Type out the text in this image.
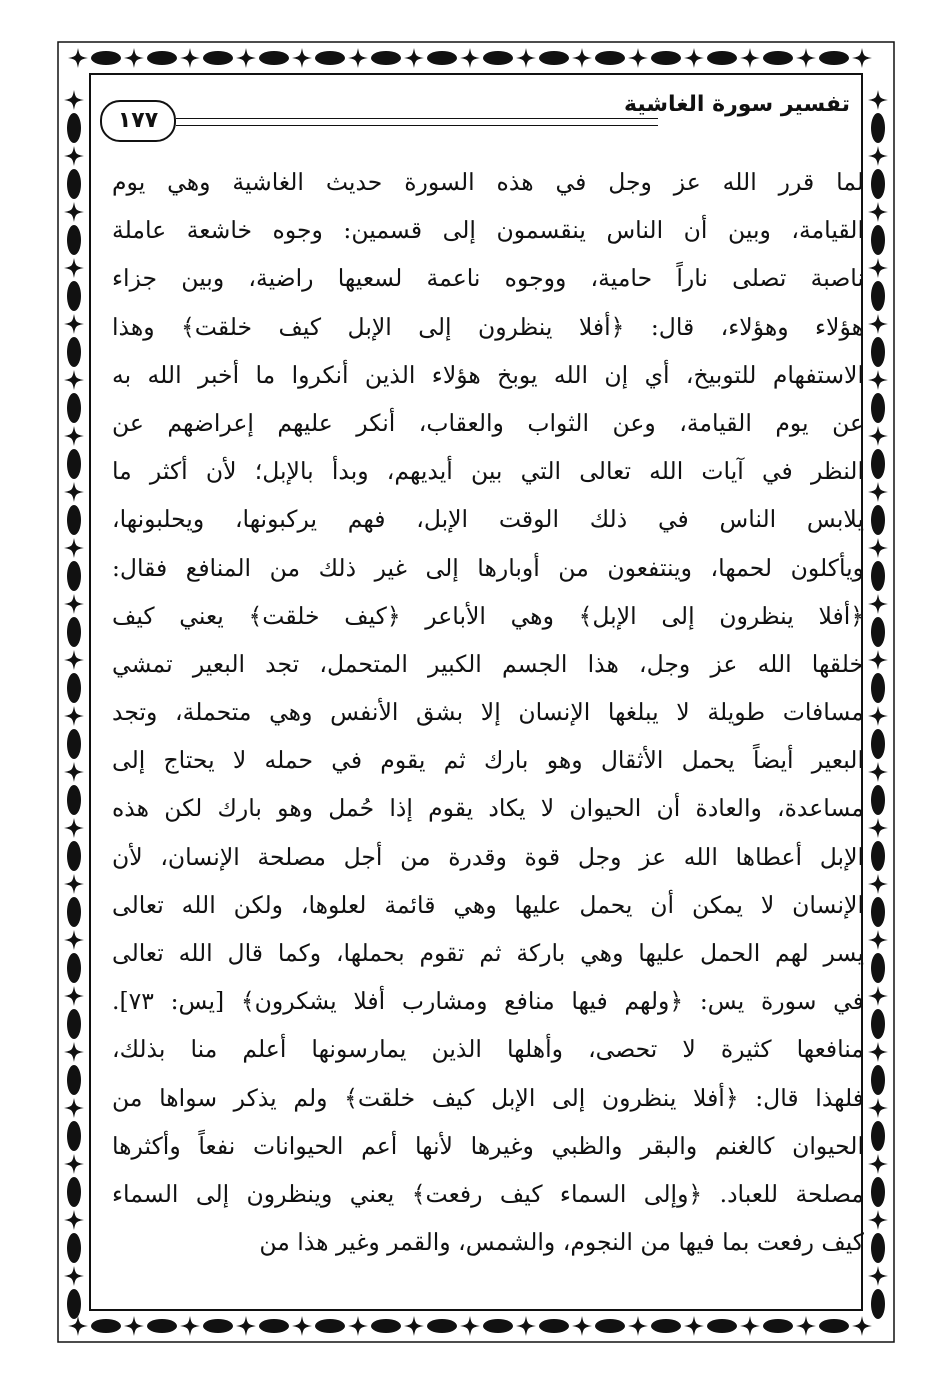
تفسير سورة الغاشية
١٧٧
لما قرر الله عز وجل في هذه السورة حديث الغاشية وهي يوم
القيامة، وبين أن الناس ينقسمون إلى قسمين: وجوه خاشعة عاملة
ناصبة تصلى ناراً حامية، ووجوه ناعمة لسعيها راضية، وبين جزاء
هؤلاء وهؤلاء، قال: ﴿أفلا ينظرون إلى الإبل كيف خلقت﴾ وهذا
الاستفهام للتوبيخ، أي إن الله يوبخ هؤلاء الذين أنكروا ما أخبر الله به
عن يوم القيامة، وعن الثواب والعقاب، أنكر عليهم إعراضهم عن
النظر في آيات الله تعالى التي بين أيديهم، وبدأ بالإبل؛ لأن أكثر ما
يلابس الناس في ذلك الوقت الإبل، فهم يركبونها، ويحلبونها،
ويأكلون لحمها، وينتفعون من أوبارها إلى غير ذلك من المنافع فقال:
﴿أفلا ينظرون إلى الإبل﴾ وهي الأباعر ﴿كيف خلقت﴾ يعني كيف
خلقها الله عز وجل، هذا الجسم الكبير المتحمل، تجد البعير تمشي
مسافات طويلة لا يبلغها الإنسان إلا بشق الأنفس وهي متحملة، وتجد
البعير أيضاً يحمل الأثقال وهو بارك ثم يقوم في حمله لا يحتاج إلى
مساعدة، والعادة أن الحيوان لا يكاد يقوم إذا حُمل وهو بارك لكن هذه
الإبل أعطاها الله عز وجل قوة وقدرة من أجل مصلحة الإنسان، لأن
الإنسان لا يمكن أن يحمل عليها وهي قائمة لعلوها، ولكن الله تعالى
يسر لهم الحمل عليها وهي باركة ثم تقوم بحملها، وكما قال الله تعالى
في سورة يس: ﴿ولهم فيها منافع ومشارب أفلا يشكرون﴾ [يس: ٧٣].
منافعها كثيرة لا تحصى، وأهلها الذين يمارسونها أعلم منا بذلك،
فلهذا قال: ﴿أفلا ينظرون إلى الإبل كيف خلقت﴾ ولم يذكر سواها من
الحيوان كالغنم والبقر والظبي وغيرها لأنها أعم الحيوانات نفعاً وأكثرها
مصلحة للعباد. ﴿وإلى السماء كيف رفعت﴾ يعني وينظرون إلى السماء
كيف رفعت بما فيها من النجوم، والشمس، والقمر وغير هذا من
